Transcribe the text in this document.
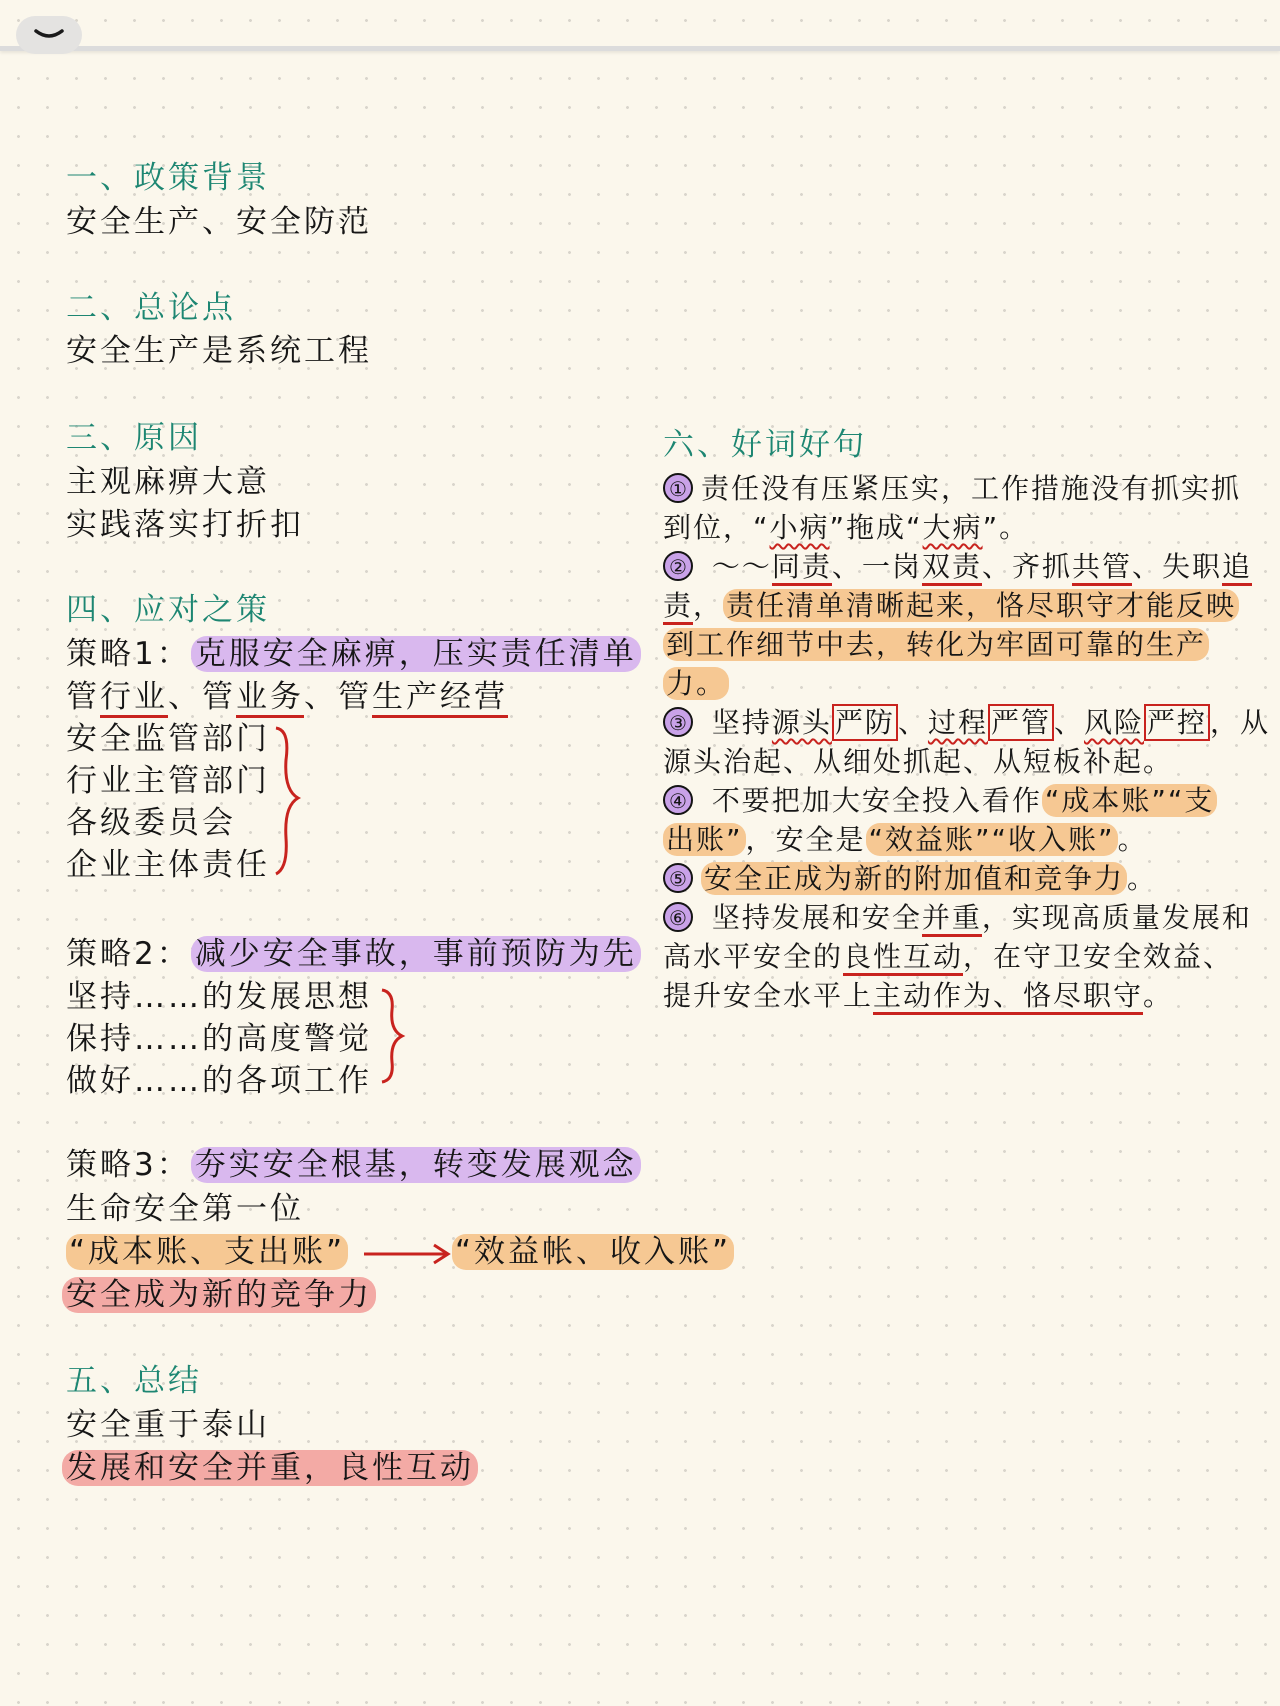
一、政策背景
安全生产、安全防范
二、总论点
安全生产是系统工程
三、原因
主观麻痹大意
实践落实打折扣
四、应对之策
策略1： 克服安全麻痹，压实责任清单
管行业、管业务、管生产经营
安全监管部门
行业主管部门
各级委员会
企业主体责任
策略2： 减少安全事故，事前预防为先
坚持……的发展思想
保持……的高度警觉
做好……的各项工作
策略3： 夯实安全根基，转变发展观念
生命安全第一位
“成本账、支出账”	“效益帐、收入账”
安全成为新的竞争力
五、总结
安全重于泰山
发展和安全并重，良性互动
六、好词好句
① 责任没有压紧压实，工作措施没有抓实抓
到位，“小病”拖成“大病”。
② ～～同责、一岗双责、齐抓共管、失职追
责， 责任清单清晰起来，恪尽职守才能反映
到工作细节中去，转化为牢固可靠的生产
力。
③ 坚持源头 严防 、过程 严管 、风险 严控 ，从
源头治起、从细处抓起、从短板补起。
④ 不要把加大安全投入看作 “成本账”“支
出账” ，安全是 “效益账”“收入账” 。
⑤ 安全正成为新的附加值和竞争力 。
⑥ 坚持发展和安全并重，实现高质量发展和
高水平安全的良性互动，在守卫安全效益、
提升安全水平上主动作为、恪尽职守。
